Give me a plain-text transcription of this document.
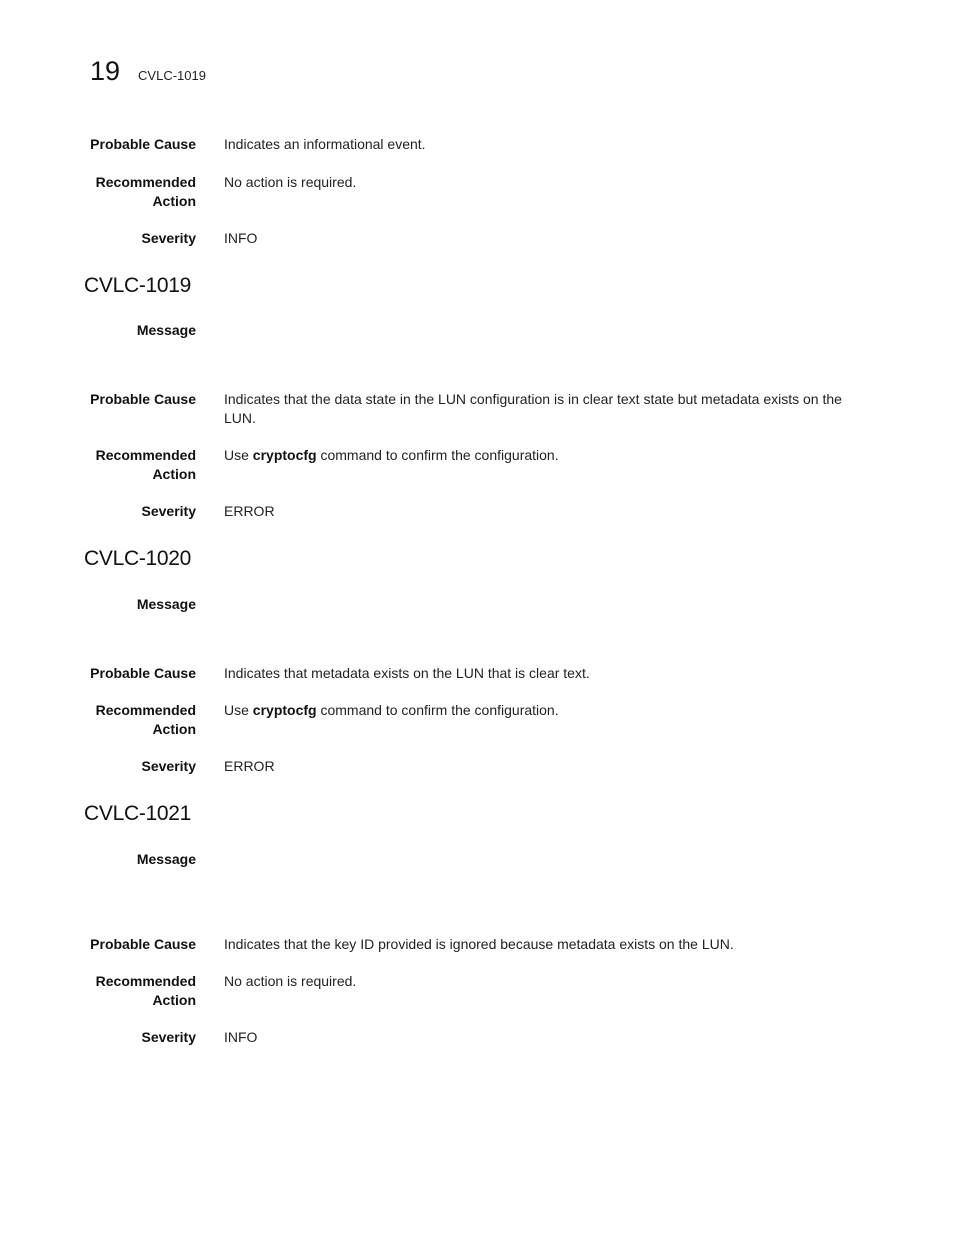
19 CVLC-1019
Probable Cause Indicates an informational event.
Recommended
Action
No action is required.
Severity INFO
CVLC-1019
Message
Probable Cause Indicates that the data state in the LUN configuration is in clear text state but metadata exists on the LUN.
Recommended
Action
Use cryptocfg command to confirm the configuration.
Severity ERROR
CVLC-1020
Message
Probable Cause Indicates that metadata exists on the LUN that is clear text.
Recommended
Action
Use cryptocfg command to confirm the configuration.
Severity ERROR
CVLC-1021
Message
Probable Cause Indicates that the key ID provided is ignored because metadata exists on the LUN.
Recommended
Action
No action is required.
Severity INFO
